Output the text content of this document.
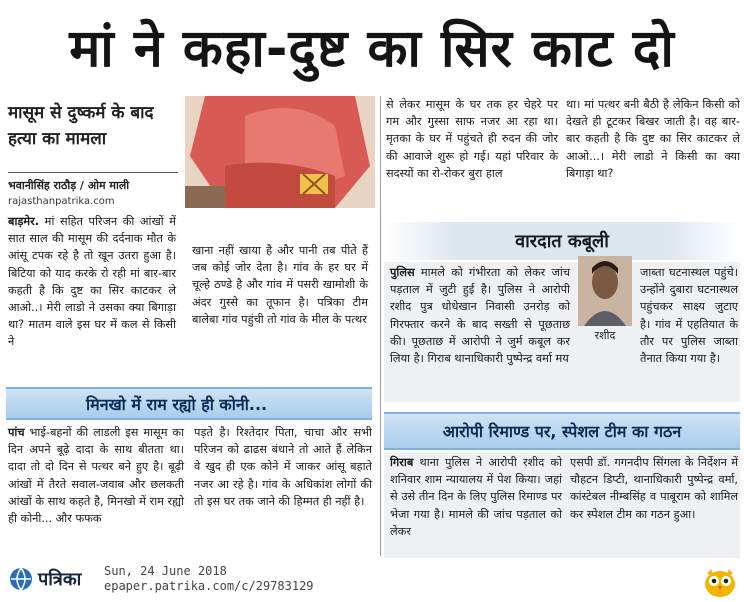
मां ने कहा-दुष्ट का सिर काट दो
मासूम से दुष्कर्म के बाद हत्या का मामला
भवानीसिंह राठौड़ / ओम माली
rajasthanpatrika.com
बाड़मेर. मां सहित परिजन की आंखों में सात साल की मासूम की दर्दनाक मौत के आंसू टपक रहे है तो खून उतरा हुआ है। बिटिया को याद करके रो रही मां बार-बार कहती है कि दुष्ट का सिर काटकर ले आओ..। मेरी लाडो ने उसका क्या बिगाड़ा था? मातम वाले इस घर में कल से किसी ने
खाना नहीं खाया है और पानी तब पीते हैं जब कोई जोर देता है। गांव के हर घर में चूल्हे ठण्डे है और गांव में पसरी खामोशी के अंदर गुस्से का तूफान है। पत्रिका टीम बालेबा गांव पहुंची तो गांव के मील के पत्थर
से लेकर मासूम के घर तक हर चेहरे पर गम और गुस्सा साफ नजर आ रहा था। मृतका के घर में पहुंचते ही रुदन की जोर की आवाजे शुरू हो गई। यहां परिवार के सदस्यों का रो-रोकर बुरा हाल
था। मां पत्थर बनी बैठी है लेकिन किसी को देखते ही टूटकर बिखर जाती है। वह बार-बार कहती है कि दुष्ट का सिर काटकर ले आओ...। मेरी लाडो ने किसी का क्या बिगाड़ा था?
मिनखो में राम रह्यो ही कोनी...
पांच भाई-बहनों की लाडली इस मासूम का दिन अपने बूढ़े दादा के साथ बीतता था। दादा तो दो दिन से पत्थर बने हुए है। बूढ़ी आंखों में तैरते सवाल-जवाब और छलकती आंखों के साथ कहते है, मिनखो में राम रह्यो ही कोनी... और फफक
पड़ते है। रिश्तेदार पिता, चाचा और सभी परिजन को ढाढस बंधाने तो आते हैं लेकिन वे खुद ही एक कोने में जाकर आंसू बहाते नजर आ रहे है। गांव के अधिकांश लोगों की तो इस घर तक जाने की हिम्मत ही नहीं है।
वारदात कबूली
पुलिस मामले को गंभीरता को लेकर जांच पड़ताल में जुटी हुई है। पुलिस ने आरोपी रशीद पुत्र धोधेखान निवासी उनरोड़ को गिरफ्तार करने के बाद सख्ती से पूछताछ की। पूछताछ में आरोपी ने जुर्म कबूल कर लिया है। गिराब थानाधिकारी पुष्पेन्द्र वर्मा मय
रशीद
जाब्ता घटनास्थल पहुंचे। उन्होंने दुबारा घटनास्थल पहुंचकर साक्ष्य जुटाए है। गांव में एहतियात के तौर पर पुलिस जाब्ता तैनात किया गया है।
आरोपी रिमाण्ड पर, स्पेशल टीम का गठन
गिराब थाना पुलिस ने आरोपी रशीद को शनिवार शाम न्यायालय में पेश किया। जहां से उसे तीन दिन के लिए पुलिस रिमाण्ड पर भेजा गया है। मामले की जांच पड़ताल को लेकर
एसपी डॉ. गगनदीप सिंगला के निर्देशन में चौहटन डिप्टी, थानाधिकारी पुष्पेन्द्र वर्मा, कांस्टेबल नीम्बसिंह व पाबूराम को शामिल कर स्पेशल टीम का गठन हुआ।
पत्रिका Sun, 24 June 2018
epaper.patrika.com/c/29783129
